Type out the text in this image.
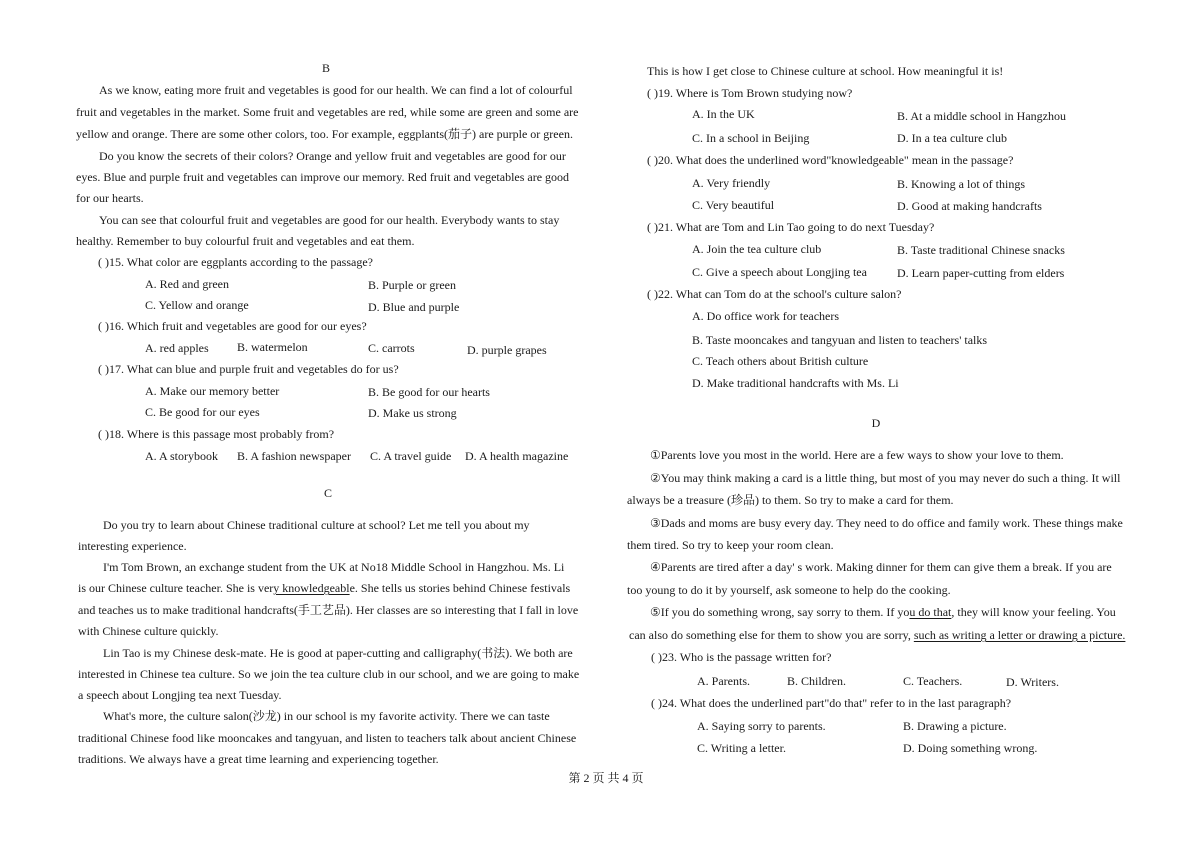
B
As we know, eating more fruit and vegetables is good for our health. We can find a lot of colourful
fruit and vegetables in the market. Some fruit and vegetables are red, while some are green and some are
yellow and orange. There are some other colors, too. For example, eggplants(茄子) are purple or green.
Do you know the secrets of their colors? Orange and yellow fruit and vegetables are good for our
eyes. Blue and purple fruit and vegetables can improve our memory. Red fruit and vegetables are good
for our hearts.
You can see that colourful fruit and vegetables are good for our health. Everybody wants to stay
healthy. Remember to buy colourful fruit and vegetables and eat them.
( )15. What color are eggplants according to the passage?
A. Red and green	B. Purple or green
C. Yellow and orange	D. Blue and purple
( )16. Which fruit and vegetables are good for our eyes?
A. red apples B. watermelon	C. carrots	D. purple grapes
( )17. What can blue and purple fruit and vegetables do for us?
A. Make our memory better	B. Be good for our hearts
C. Be good for our eyes	D. Make us strong
( )18. Where is this passage most probably from?
A. A storybook B. A fashion newspaper C. A travel guide D. A health magazine
C
Do you try to learn about Chinese traditional culture at school? Let me tell you about my
interesting experience.
I'm Tom Brown, an exchange student from the UK at No18 Middle School in Hangzhou. Ms. Li
is our Chinese culture teacher. She is very knowledgeable. She tells us stories behind Chinese festivals
and teaches us to make traditional handcrafts(手工艺品). Her classes are so interesting that I fall in love
with Chinese culture quickly.
Lin Tao is my Chinese desk-mate. He is good at paper-cutting and calligraphy(书法). We both are
interested in Chinese tea culture. So we join the tea culture club in our school, and we are going to make
a speech about Longjing tea next Tuesday.
What's more, the culture salon(沙龙) in our school is my favorite activity. There we can taste
traditional Chinese food like mooncakes and tangyuan, and listen to teachers talk about ancient Chinese
traditions. We always have a great time learning and experiencing together.
This is how I get close to Chinese culture at school. How meaningful it is!
( )19. Where is Tom Brown studying now?
A. In the UK	B. At a middle school in Hangzhou
C. In a school in Beijing	D. In a tea culture club
( )20. What does the underlined word"knowledgeable" mean in the passage?
A. Very friendly	B. Knowing a lot of things
C. Very beautiful	D. Good at making handcrafts
( )21. What are Tom and Lin Tao going to do next Tuesday?
A. Join the tea culture club	B. Taste traditional Chinese snacks
C. Give a speech about Longjing tea	D. Learn paper-cutting from elders
( )22. What can Tom do at the school's culture salon?
A. Do office work for teachers
B. Taste mooncakes and tangyuan and listen to teachers' talks
C. Teach others about British culture
D. Make traditional handcrafts with Ms. Li
D
①Parents love you most in the world. Here are a few ways to show your love to them.
②You may think making a card is a little thing, but most of you may never do such a thing. It will
always be a treasure (珍品) to them. So try to make a card for them.
③Dads and moms are busy every day. They need to do office and family work. These things make
them tired. So try to keep your room clean.
④Parents are tired after a day' s work. Making dinner for them can give them a break. If you are
too young to do it by yourself, ask someone to help do the cooking.
⑤If you do something wrong, say sorry to them. If you do that, they will know your feeling. You
can also do something else for them to show you are sorry, such as writing a letter or drawing a picture.
( )23. Who is the passage written for?
A. Parents.	B. Children.	C. Teachers.	D. Writers.
( )24. What does the underlined part"do that" refer to in the last paragraph?
A. Saying sorry to parents.	B. Drawing a picture.
C. Writing a letter.	D. Doing something wrong.
第 2 页 共 4 页
